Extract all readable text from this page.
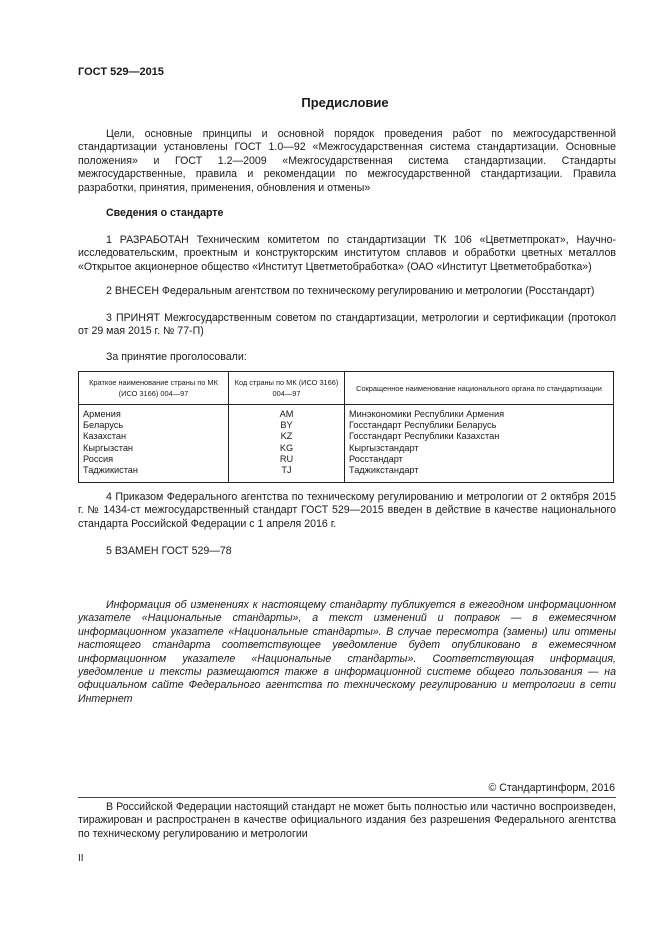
ГОСТ 529—2015
Предисловие
Цели, основные принципы и основной порядок проведения работ по межгосударственной стандартизации установлены ГОСТ 1.0—92 «Межгосударственная система стандартизации. Основные положения» и ГОСТ 1.2—2009 «Межгосударственная система стандартизации. Стандарты межгосударственные, правила и рекомендации по межгосударственной стандартизации. Правила разработки, принятия, применения, обновления и отмены»
Сведения о стандарте
1 РАЗРАБОТАН Техническим комитетом по стандартизации ТК 106 «Цветметпрокат», Научно-исследовательским, проектным и конструкторским институтом сплавов и обработки цветных металлов «Открытое акционерное общество «Институт Цветметобработка» (ОАО «Институт Цветметобработка»)
2 ВНЕСЕН Федеральным агентством по техническому регулированию и метрологии (Росстандарт)
3 ПРИНЯТ Межгосударственным советом по стандартизации, метрологии и сертификации (протокол от 29 мая 2015 г. № 77-П)
За принятие проголосовали:
Краткое наименование страны по МК (ИСО 3166) 004—97	Код страны по МК (ИСО 3166) 004—97	Сокращенное наименование национального органа по стандартизации
Армения	AM	Минэкономики Республики Армения
Беларусь	BY	Госстандарт Республики Беларусь
Казахстан	KZ	Госстандарт Республики Казахстан
Кыргызстан	KG	Кыргызстандарт
Россия	RU	Росстандарт
Таджикистан	TJ	Таджикстандарт
4 Приказом Федерального агентства по техническому регулированию и метрологии от 2 октября 2015 г. № 1434-ст межгосударственный стандарт ГОСТ 529—2015 введен в действие в качестве национального стандарта Российской Федерации с 1 апреля 2016 г.
5 ВЗАМЕН ГОСТ 529—78
Информация об изменениях к настоящему стандарту публикуется в ежегодном информационном указателе «Национальные стандарты», а текст изменений и поправок — в ежемесячном информационном указателе «Национальные стандарты». В случае пересмотра (замены) или отмены настоящего стандарта соответствующее уведомление будет опубликовано в ежемесячном информационном указателе «Национальные стандарты». Соответствующая информация, уведомление и тексты размещаются также в информационной системе общего пользования — на официальном сайте Федерального агентства по техническому регулированию и метрологии в сети Интернет
© Стандартинформ, 2016
В Российской Федерации настоящий стандарт не может быть полностью или частично воспроизведен, тиражирован и распространен в качестве официального издания без разрешения Федерального агентства по техническому регулированию и метрологии
II
